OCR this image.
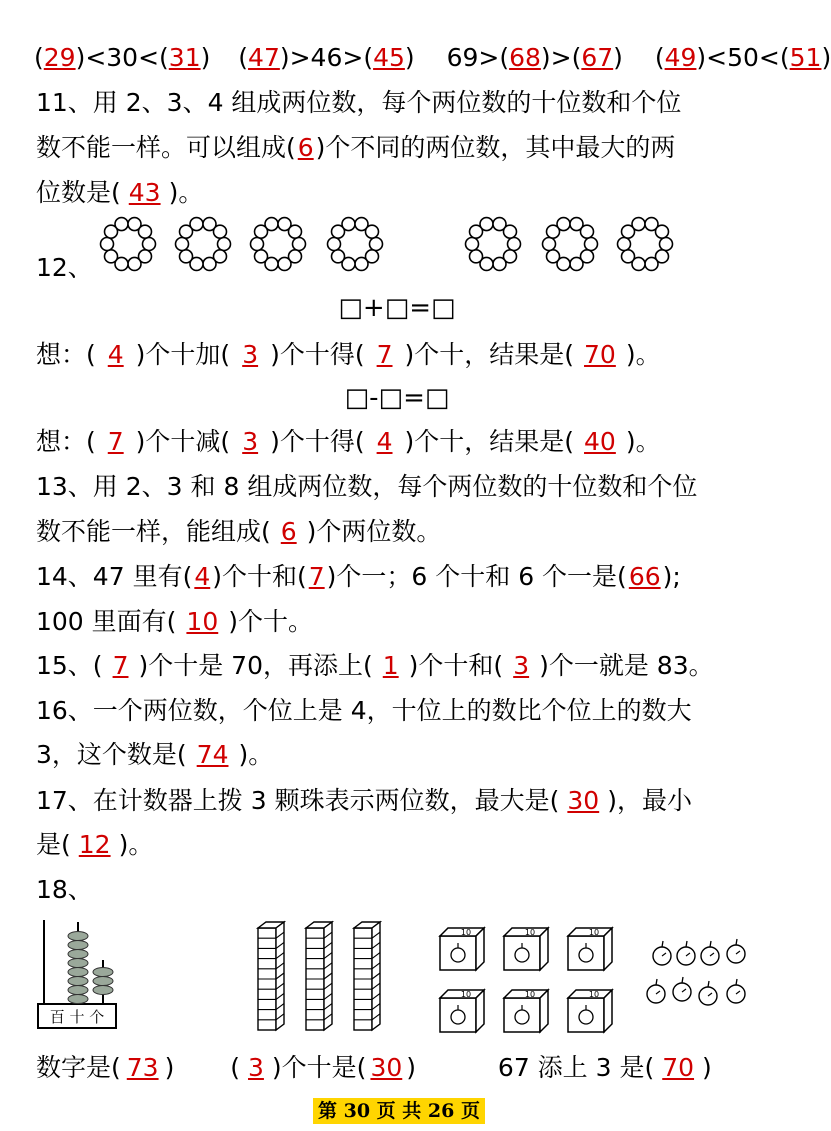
(29)<30<(31) (47)>46>(45) 69>(68)>(67) (49)<50<(51)
11、用 2、3、4 组成两位数，每个两位数的十位数和个位
数不能一样。可以组成(6)个不同的两位数，其中最大的两
位数是( 43 )。
12、
□+□=□
想：( 4 )个十加( 3 )个十得( 7 )个十，结果是( 70 )。
□-□=□
想：( 7 )个十减( 3 )个十得( 4 )个十，结果是( 40 )。
13、用 2、3 和 8 组成两位数，每个两位数的十位数和个位
数不能一样，能组成( 6 )个两位数。
14、47 里有(4)个十和(7)个一；6 个十和 6 个一是(66);
100 里面有( 10 )个十。
15、( 7 )个十是 70，再添上( 1 )个十和( 3 )个一就是 83。
16、一个两位数，个位上是 4，十位上的数比个位上的数大
3，这个数是( 74 )。
17、在计数器上拨 3 颗珠表示两位数，最大是( 30 )，最小
是( 12 )。
18、
百 十 个
10	10	10
10	10	10
数字是( 73 ) ( 3 )个十是( 30 )	67 添上 3 是( 70 )
第 30 页 共 26 页
